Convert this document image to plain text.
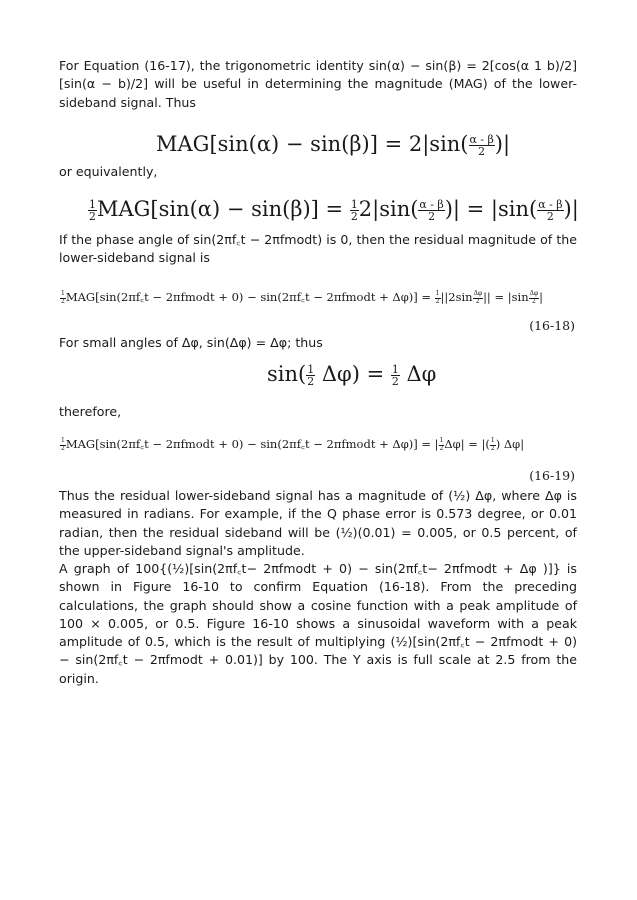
For Equation (16-17), the trigonometric identity sin(α) − sin(β) = 2[cos(α 1 b)/2][sin(α − b)/2] will be useful in determining the magnitude (MAG) of the lower-sideband signal. Thus

$MAG[\sin(\alpha) - \sin(\beta)] = 2|\sin( \frac{\alpha - \beta}{2}$ )|

or equivalently,

$\frac{1}{2} MAG[\sin(\alpha) - \sin(\beta)] = \frac{1}{2} 2|\sin( \frac{\alpha - \beta}{2}$ )| = $|\sin( \frac{\alpha - \beta}{2}$ )|

If the phase angle of sin(2πf꜀t − 2πfmodt) is 0, then the residual magnitude of the lower-sideband signal is

$\frac{1}{2}$ MAG[sin(2πf꜀t − 2πfmodt + 0) − sin(2πf꜀t − 2πfmodt + $\Delta\varphi)] = \frac{1}{2} ||2\sin \frac{\Delta\varphi}{2}$ || = $|\sin \frac{\Delta\varphi}{2}$ |
(16-18)

For small angles of Δφ, sin(Δφ) = Δφ; thus

$\sin( \frac{1}{2} \Delta\varphi) = \frac{1}{2}$ Δφ

therefore,

$\frac{1}{2}$ MAG[sin(2πf꜀t − 2πfmodt + 0) − sin(2πf꜀t − 2πfmodt + Δφ)] = | $\frac{1}{2} \Delta\varphi|$ = |( $\frac{1}{2}$ ) Δφ|
(16-19)

Thus the residual lower-sideband signal has a magnitude of (½) Δφ, where Δφ is measured in radians. For example, if the Q phase error is 0.573 degree, or 0.01 radian, then the residual sideband will be (½)(0.01) = 0.005, or 0.5 percent, of the upper-sideband signal's amplitude.

A graph of 100{(½)[sin(2πf꜀t− 2πfmodt + 0) − sin(2πf꜀t− 2πfmodt + Δφ )]} is shown in Figure 16-10 to confirm Equation (16-18). From the preceding calculations, the graph should show a cosine function with a peak amplitude of 100 × 0.005, or 0.5. Figure 16-10 shows a sinusoidal waveform with a peak amplitude of 0.5, which is the result of multiplying (½)[sin(2πf꜀t − 2πfmodt + 0) − sin(2πf꜀t − 2πfmodt + 0.01)] by 100. The Y axis is full scale at 2.5 from the origin.
